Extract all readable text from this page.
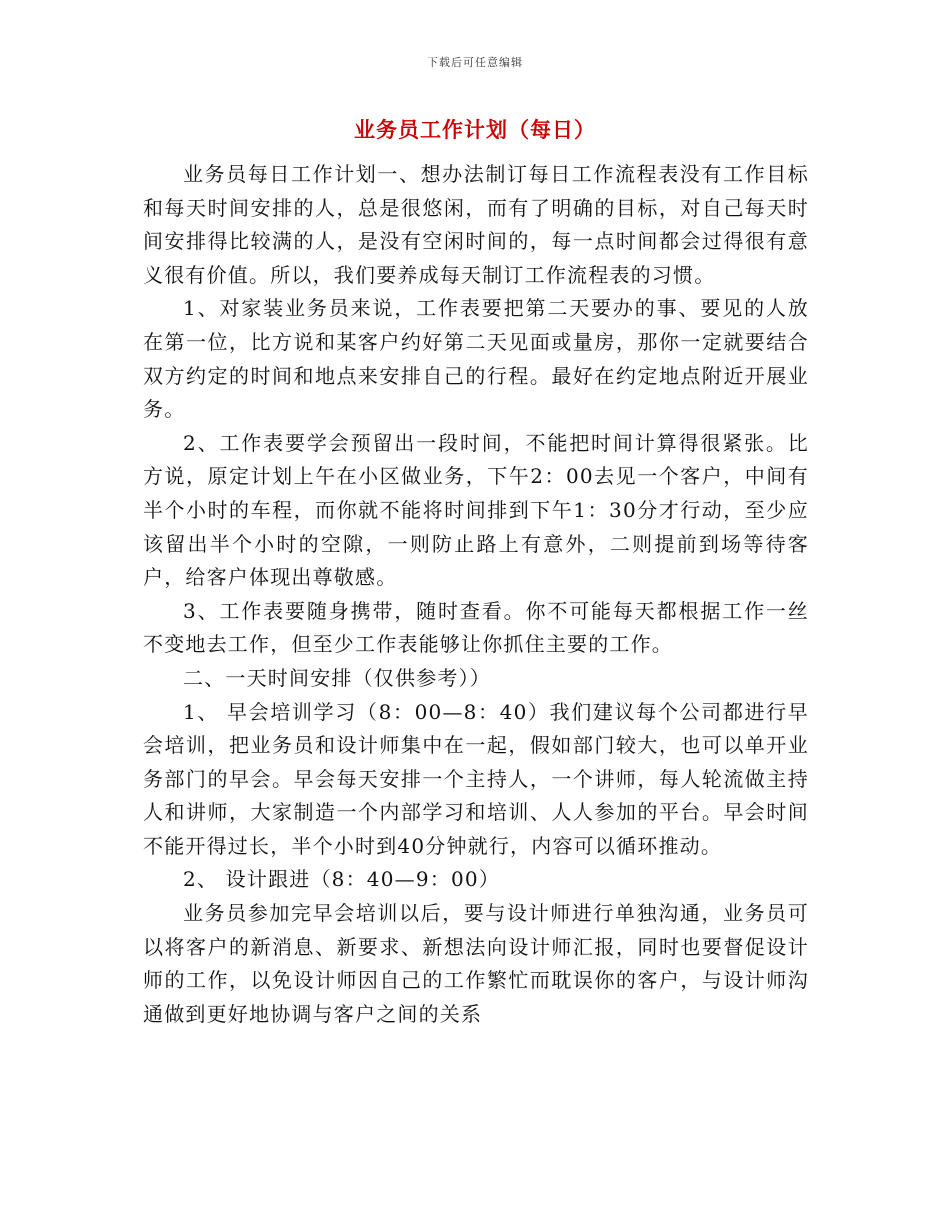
下载后可任意编辑
业务员工作计划（每日）

业务员每日工作计划一、想办法制订每日工作流程表没有工作目标和每天时间安排的人，总是很悠闲，而有了明确的目标，对自己每天时间安排得比较满的人，是没有空闲时间的，每一点时间都会过得很有意义很有价值。所以，我们要养成每天制订工作流程表的习惯。

1、对家装业务员来说，工作表要把第二天要办的事、要见的人放在第一位，比方说和某客户约好第二天见面或量房，那你一定就要结合双方约定的时间和地点来安排自己的行程。最好在约定地点附近开展业务。

2、工作表要学会预留出一段时间，不能把时间计算得很紧张。比方说，原定计划上午在小区做业务，下午2：00去见一个客户，中间有半个小时的车程，而你就不能将时间排到下午1：30分才行动，至少应该留出半个小时的空隙，一则防止路上有意外，二则提前到场等待客户，给客户体现出尊敬感。

3、工作表要随身携带，随时查看。你不可能每天都根据工作一丝不变地去工作，但至少工作表能够让你抓住主要的工作。

二、一天时间安排（仅供参考））

1、 早会培训学习（8：00—8：40）我们建议每个公司都进行早会培训，把业务员和设计师集中在一起，假如部门较大，也可以单开业务部门的早会。早会每天安排一个主持人，一个讲师，每人轮流做主持人和讲师，大家制造一个内部学习和培训、人人参加的平台。早会时间不能开得过长，半个小时到40分钟就行，内容可以循环推动。

2、 设计跟进（8：40—9：00）

业务员参加完早会培训以后，要与设计师进行单独沟通，业务员可以将客户的新消息、新要求、新想法向设计师汇报，同时也要督促设计师的工作，以免设计师因自己的工作繁忙而耽误你的客户，与设计师沟通做到更好地协调与客户之间的关系
